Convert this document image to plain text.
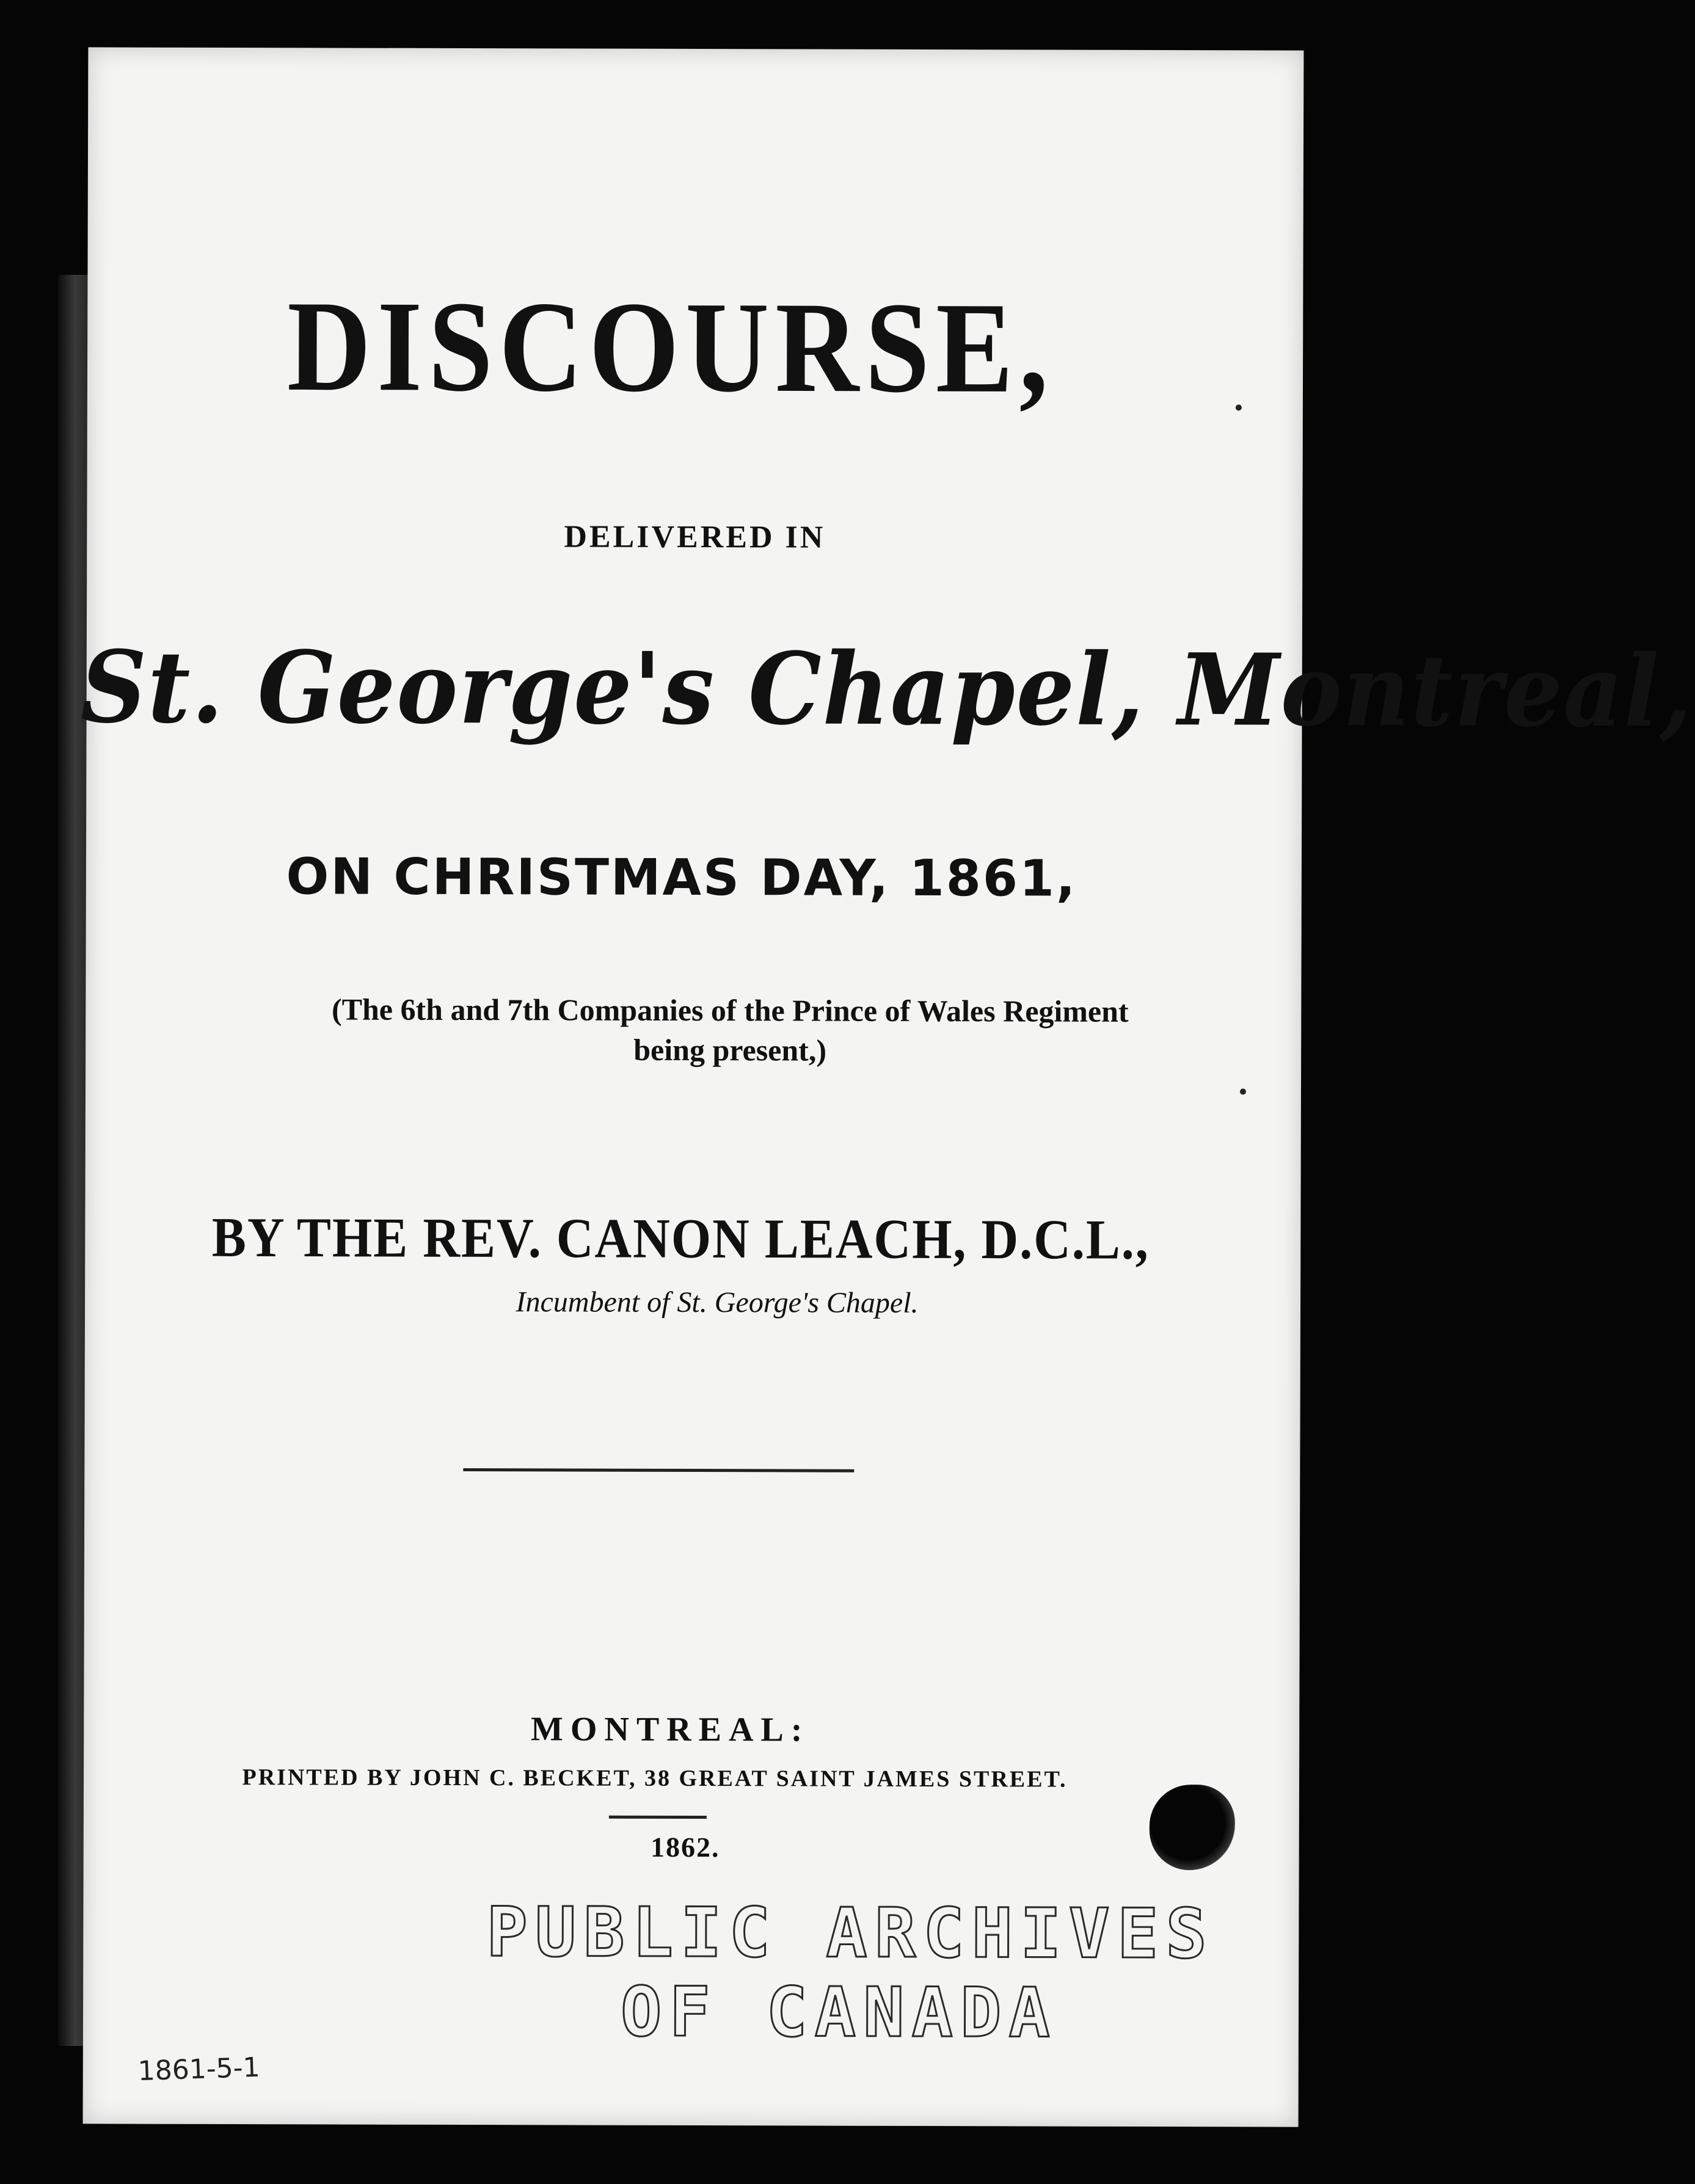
DISCOURSE,
DELIVERED IN
St. George's Chapel, Montreal,
ON CHRISTMAS DAY, 1861,
(The 6th and 7th Companies of the Prince of Wales Regiment
being present,)
BY THE REV. CANON LEACH, D.C.L.,
Incumbent of St. George's Chapel.
MONTREAL:
PRINTED BY JOHN C. BECKET, 38 GREAT SAINT JAMES STREET.
1862.
PUBLIC ARCHIVES
OF CANADA
1861-5-1
